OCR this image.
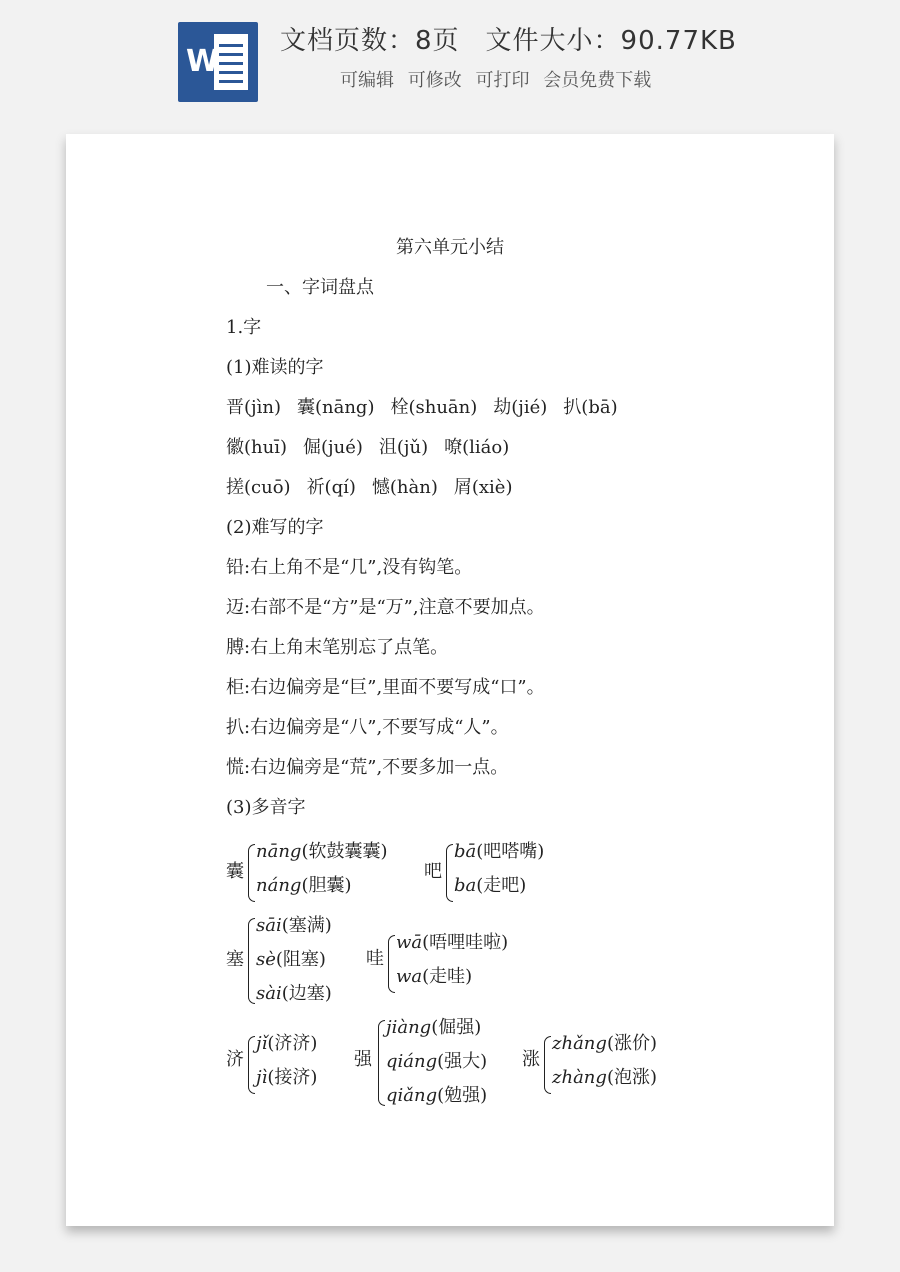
W
文档页数：8页 文件大小：90.77KB
可编辑 可修改 可打印 会员免费下载
第六单元小结
一、字词盘点
1.字
(1)难读的字
晋(jìn) 囊(nāng) 栓(shuān) 劫(jié) 扒(bā)
徽(huī) 倔(jué) 沮(jǔ) 嘹(liáo)
搓(cuō) 祈(qí) 憾(hàn) 屑(xiè)
(2)难写的字
铅:右上角不是“几”,没有钩笔。
迈:右部不是“方”是“万”,注意不要加点。
膊:右上角末笔别忘了点笔。
柜:右边偏旁是“巨”,里面不要写成“口”。
扒:右边偏旁是“八”,不要写成“人”。
慌:右边偏旁是“荒”,不要多加一点。
(3)多音字
囊
nāng(软鼓囊囊)
náng(胆囊)
吧
bā(吧嗒嘴)
ba(走吧)
塞
sāi(塞满)
sè(阻塞)
sài(边塞)
哇
wā(唔哩哇啦)
wa(走哇)
济
jǐ(济济)
jì(接济)
强
jiàng(倔强)
qiáng(强大)
qiǎng(勉强)
涨
zhǎng(涨价)
zhàng(泡涨)
